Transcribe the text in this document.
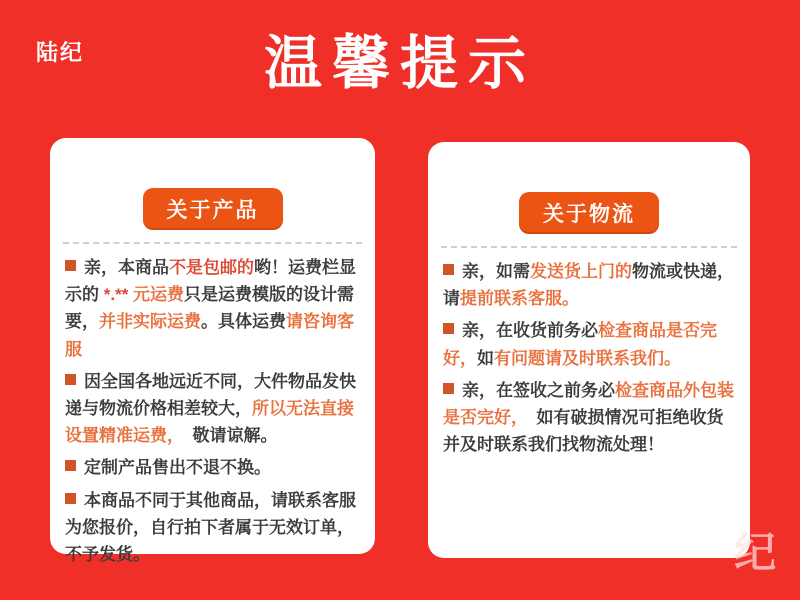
陆纪	温馨提示
纪
关于产品

亲，本商品不是包邮的哟！运费栏显示的 *.** 元运费只是运费模版的设计需要，并非实际运费。具体运费请咨询客服

因全国各地远近不同，大件物品发快递与物流价格相差较大，所以无法直接设置精准运费，　敬请谅解。

定制产品售出不退不换。

本商品不同于其他商品，请联系客服为您报价，自行拍下者属于无效订单，不予发货。

关于物流

亲，如需发送货上门的物流或快递，请提前联系客服。

亲，在收货前务必检查商品是否完好，如有问题请及时联系我们。

亲，在签收之前务必检查商品外包装是否完好，　如有破损情况可拒绝收货并及时联系我们找物流处理！
